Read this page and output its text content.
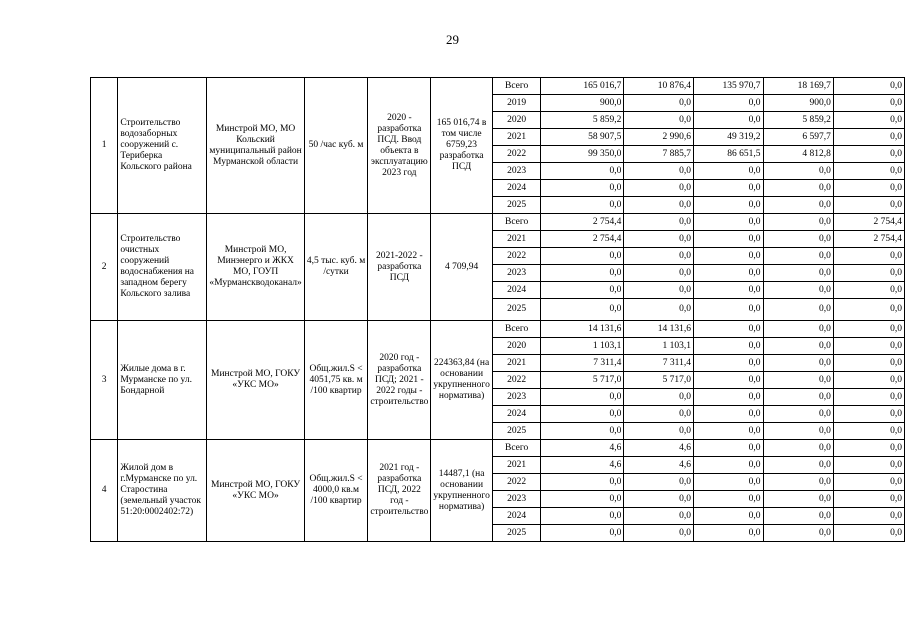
29
1	Строительство водозаборных сооружений с. Териберка Кольского района	Минстрой МО, МО Кольский муниципальный район Мурманской области	50 /час куб. м	2020 - разработка ПСД. Ввод объекта в эксплуатацию 2023 год	165 016,74 в том числе 6759,23 разработка ПСД	Всего	165 016,7	10 876,4	135 970,7	18 169,7	0,0
						2019	900,0	0,0	0,0	900,0	0,0
						2020	5 859,2	0,0	0,0	5 859,2	0,0
						2021	58 907,5	2 990,6	49 319,2	6 597,7	0,0
						2022	99 350,0	7 885,7	86 651,5	4 812,8	0,0
						2023	0,0	0,0	0,0	0,0	0,0
						2024	0,0	0,0	0,0	0,0	0,0
						2025	0,0	0,0	0,0	0,0	0,0
2	Строительство очистных сооружений водоснабжения на западном берегу Кольского залива	Минстрой МО, Минэнерго и ЖКХ МО, ГОУП «Мурманскводоканал»	4,5 тыс. куб. м /сутки	2021-2022 - разработка ПСД	4 709,94	Всего	2 754,4	0,0	0,0	0,0	2 754,4
						2021	2 754,4	0,0	0,0	0,0	2 754,4
						2022	0,0	0,0	0,0	0,0	0,0
						2023	0,0	0,0	0,0	0,0	0,0
						2024	0,0	0,0	0,0	0,0	0,0
						2025	0,0	0,0	0,0	0,0	0,0
3	Жилые дома в г. Мурманске по ул. Бондарной	Минстрой МО, ГОКУ «УКС МО»	Общ.жил.S < 4051,75 кв. м /100 квартир	2020 год - разработка ПСД; 2021 - 2022 годы - строительство	224363,84 (на основании укрупненного норматива)	Всего	14 131,6	14 131,6	0,0	0,0	0,0
						2020	1 103,1	1 103,1	0,0	0,0	0,0
						2021	7 311,4	7 311,4	0,0	0,0	0,0
						2022	5 717,0	5 717,0	0,0	0,0	0,0
						2023	0,0	0,0	0,0	0,0	0,0
						2024	0,0	0,0	0,0	0,0	0,0
						2025	0,0	0,0	0,0	0,0	0,0
4	Жилой дом в г.Мурманске по ул. Старостина (земельный участок 51:20:0002402:72)	Минстрой МО, ГОКУ «УКС МО»	Общ.жил.S < 4000,0 кв.м /100 квартир	2021 год - разработка ПСД, 2022 год - строительство	14487,1 (на основании укрупненного норматива)	Всего	4,6	4,6	0,0	0,0	0,0
						2021	4,6	4,6	0,0	0,0	0,0
						2022	0,0	0,0	0,0	0,0	0,0
						2023	0,0	0,0	0,0	0,0	0,0
						2024	0,0	0,0	0,0	0,0	0,0
						2025	0,0	0,0	0,0	0,0	0,0
